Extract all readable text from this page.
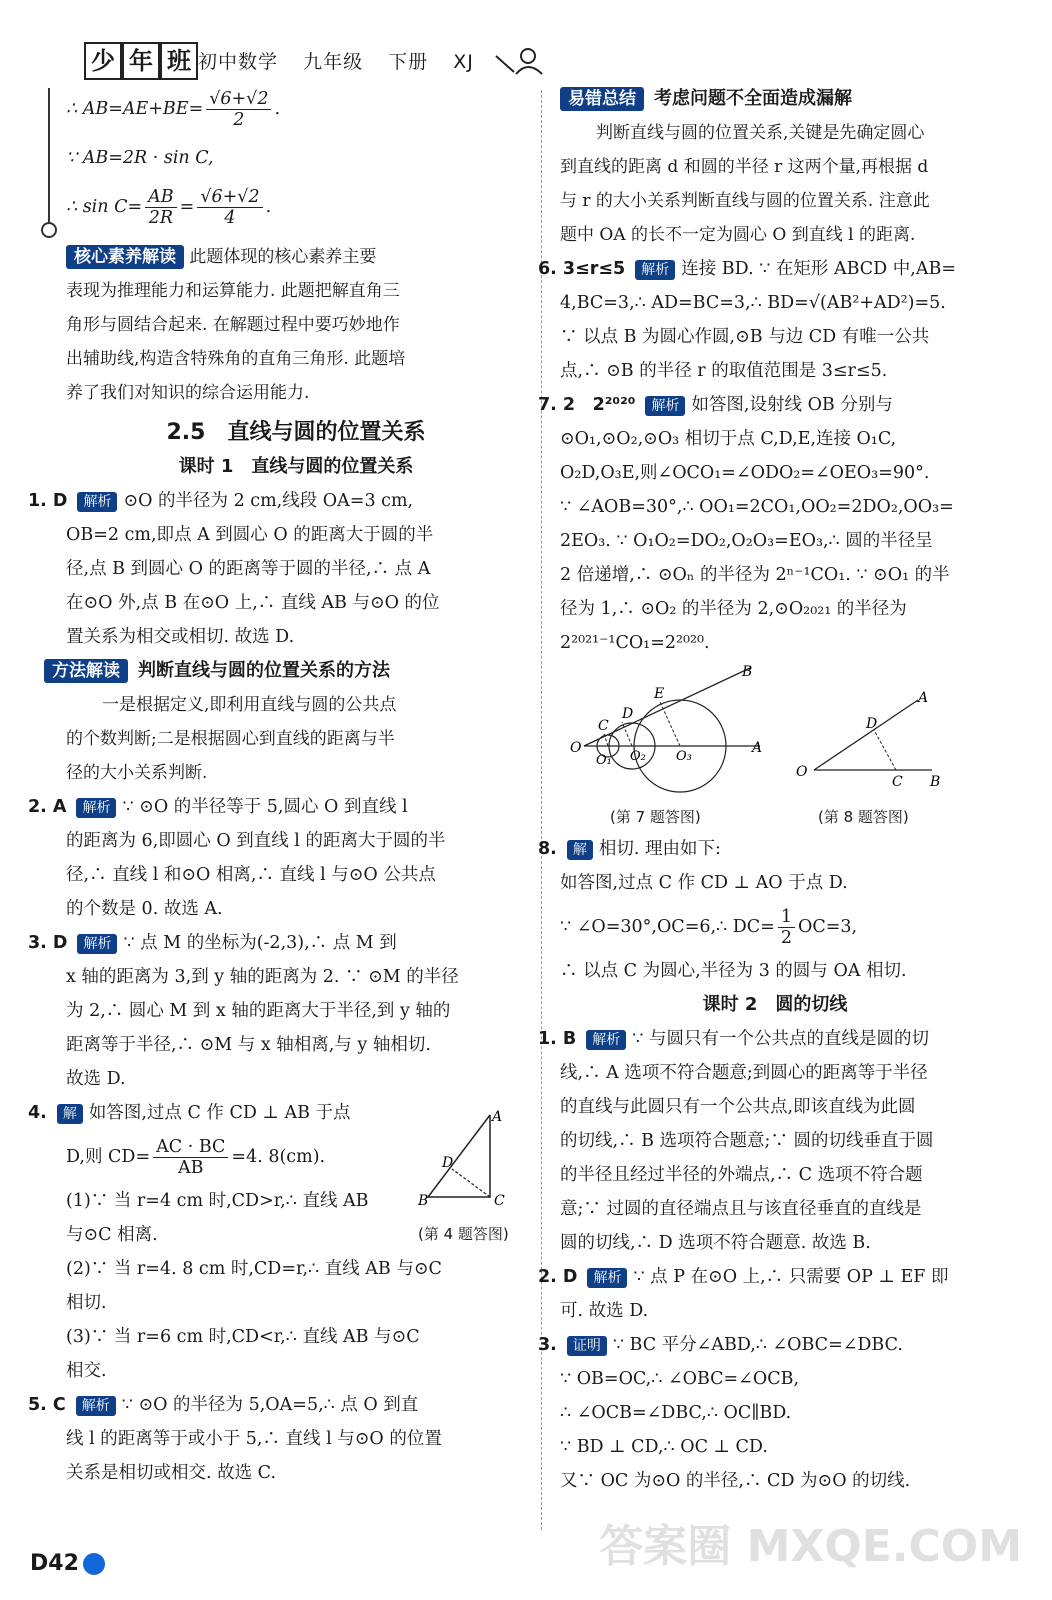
少 年 班 初中数学 九年级 下册 XJ
∴ $AB=AE+BE= \frac{√6+√2}{2}$ .
∵ AB=2R · sin C,
∴ $\sin C= \frac{AB}{2R} = \frac{√6+√2}{4}$ .
核心素养解读 此题体现的核心素养主要
表现为推理能力和运算能力. 此题把解直角三
角形与圆结合起来. 在解题过程中要巧妙地作
出辅助线,构造含特殊角的直角三角形. 此题培
养了我们对知识的综合运用能力.
2.5　直线与圆的位置关系
课时 1　直线与圆的位置关系
1. D 解析 ⊙O 的半径为 2 cm,线段 OA=3 cm,
OB=2 cm,即点 A 到圆心 O 的距离大于圆的半
径,点 B 到圆心 O 的距离等于圆的半径,∴ 点 A
在⊙O 外,点 B 在⊙O 上,∴ 直线 AB 与⊙O 的位
置关系为相交或相切. 故选 D.
方法解读 判断直线与圆的位置关系的方法
一是根据定义,即利用直线与圆的公共点
的个数判断;二是根据圆心到直线的距离与半
径的大小关系判断.
2. A 解析 ∵ ⊙O 的半径等于 5,圆心 O 到直线 l
的距离为 6,即圆心 O 到直线 l 的距离大于圆的半
径,∴ 直线 l 和⊙O 相离,∴ 直线 l 与⊙O 公共点
的个数是 0. 故选 A.
3. D 解析 ∵ 点 M 的坐标为(-2,3),∴ 点 M 到
x 轴的距离为 3,到 y 轴的距离为 2. ∵ ⊙M 的半径
为 2,∴ 圆心 M 到 x 轴的距离大于半径,到 y 轴的
距离等于半径,∴ ⊙M 与 x 轴相离,与 y 轴相切.
故选 D.
4. 解 如答图,过点 C 作 CD ⊥ AB 于点
D,则 $CD= \frac{AC \cdot BC}{AB} =4$. 8(cm).
(1)∵ 当 r=4 cm 时,CD>r,∴ 直线 AB
与⊙C 相离.
(2)∵ 当 r=4. 8 cm 时,CD=r,∴ 直线 AB 与⊙C
相切.
(3)∵ 当 r=6 cm 时,CD<r,∴ 直线 AB 与⊙C
相交.
5. C 解析 ∵ ⊙O 的半径为 5,OA=5,∴ 点 O 到直
线 l 的距离等于或小于 5,∴ 直线 l 与⊙O 的位置
关系是相切或相交. 故选 C.
A
B	C
D
(第 4 题答图)
易错总结 考虑问题不全面造成漏解
判断直线与圆的位置关系,关键是先确定圆心
到直线的距离 d 和圆的半径 r 这两个量,再根据 d
与 r 的大小关系判断直线与圆的位置关系. 注意此
题中 OA 的长不一定为圆心 O 到直线 l 的距离.
6. 3≤r≤5 解析 连接 BD. ∵ 在矩形 ABCD 中,AB=
4,BC=3,∴ AD=BC=3,∴ BD=√(AB²+AD²)=5.
∵ 以点 B 为圆心作圆,⊙B 与边 CD 有唯一公共
点,∴ ⊙B 的半径 r 的取值范围是 3≤r≤5.
7. 2　2²⁰²⁰ 解析 如答图,设射线 OB 分别与
⊙O₁,⊙O₂,⊙O₃ 相切于点 C,D,E,连接 O₁C,
O₂D,O₃E,则∠OCO₁=∠ODO₂=∠OEO₃=90°.
∵ ∠AOB=30°,∴ OO₁=2CO₁,OO₂=2DO₂,OO₃=
2EO₃. ∵ O₁O₂=DO₂,O₂O₃=EO₃,∴ 圆的半径呈
2 倍递增,∴ ⊙Oₙ 的半径为 2ⁿ⁻¹CO₁. ∵ ⊙O₁ 的半
径为 1,∴ ⊙O₂ 的半径为 2,⊙O₂₀₂₁ 的半径为
2²⁰²¹⁻¹CO₁=2²⁰²⁰.
B
E
D
C
O
O₁ O₂ O₃
A
(第 7 题答图)
A
D
O
C B
(第 8 题答图)
8. 解 相切. 理由如下:
如答图,过点 C 作 CD ⊥ AO 于点 D.
∵ ∠O=30°,OC=6,∴ $DC= \frac{1}{2} OC=3$,
∴ 以点 C 为圆心,半径为 3 的圆与 OA 相切.
课时 2　圆的切线
1. B 解析 ∵ 与圆只有一个公共点的直线是圆的切
线,∴ A 选项不符合题意;到圆心的距离等于半径
的直线与此圆只有一个公共点,即该直线为此圆
的切线,∴ B 选项符合题意;∵ 圆的切线垂直于圆
的半径且经过半径的外端点,∴ C 选项不符合题
意;∵ 过圆的直径端点且与该直径垂直的直线是
圆的切线,∴ D 选项不符合题意. 故选 B.
2. D 解析 ∵ 点 P 在⊙O 上,∴ 只需要 OP ⊥ EF 即
可. 故选 D.
3. 证明 ∵ BC 平分∠ABD,∴ ∠OBC=∠DBC.
∵ OB=OC,∴ ∠OBC=∠OCB,
∴ ∠OCB=∠DBC,∴ OC∥BD.
∵ BD ⊥ CD,∴ OC ⊥ CD.
又∵ OC 为⊙O 的半径,∴ CD 为⊙O 的切线.
D42	答案圈 MXQE.COM
